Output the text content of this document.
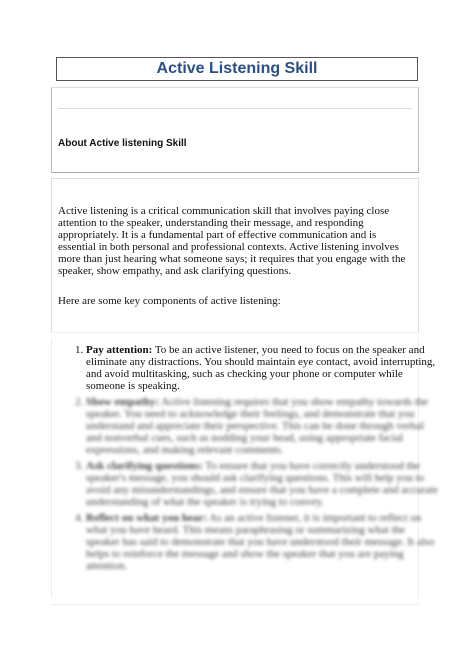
Active Listening Skill
About Active listening Skill

Active listening is a critical communication skill that involves paying close attention to the speaker, understanding their message, and responding appropriately. It is a fundamental part of effective communication and is essential in both personal and professional contexts. Active listening involves more than just hearing what someone says; it requires that you engage with the speaker, show empathy, and ask clarifying questions.

Here are some key components of active listening:

1. Pay attention: To be an active listener, you need to focus on the speaker and eliminate any distractions. You should maintain eye contact, avoid interrupting, and avoid multitasking, such as checking your phone or computer while someone is speaking.
2. Show empathy: Active listening requires that you show empathy towards the speaker. You need to acknowledge their feelings, and demonstrate that you understand and appreciate their perspective. This can be done through verbal and nonverbal cues, such as nodding your head, using appropriate facial expressions, and making relevant comments.
3. Ask clarifying questions: To ensure that you have correctly understood the speaker's message, you should ask clarifying questions. This will help you to avoid any misunderstandings, and ensure that you have a complete and accurate understanding of what the speaker is trying to convey.
4. Reflect on what you hear: As an active listener, it is important to reflect on what you have heard. This means paraphrasing or summarizing what the speaker has said to demonstrate that you have understood their message. It also helps to reinforce the message and show the speaker that you are paying attention.
